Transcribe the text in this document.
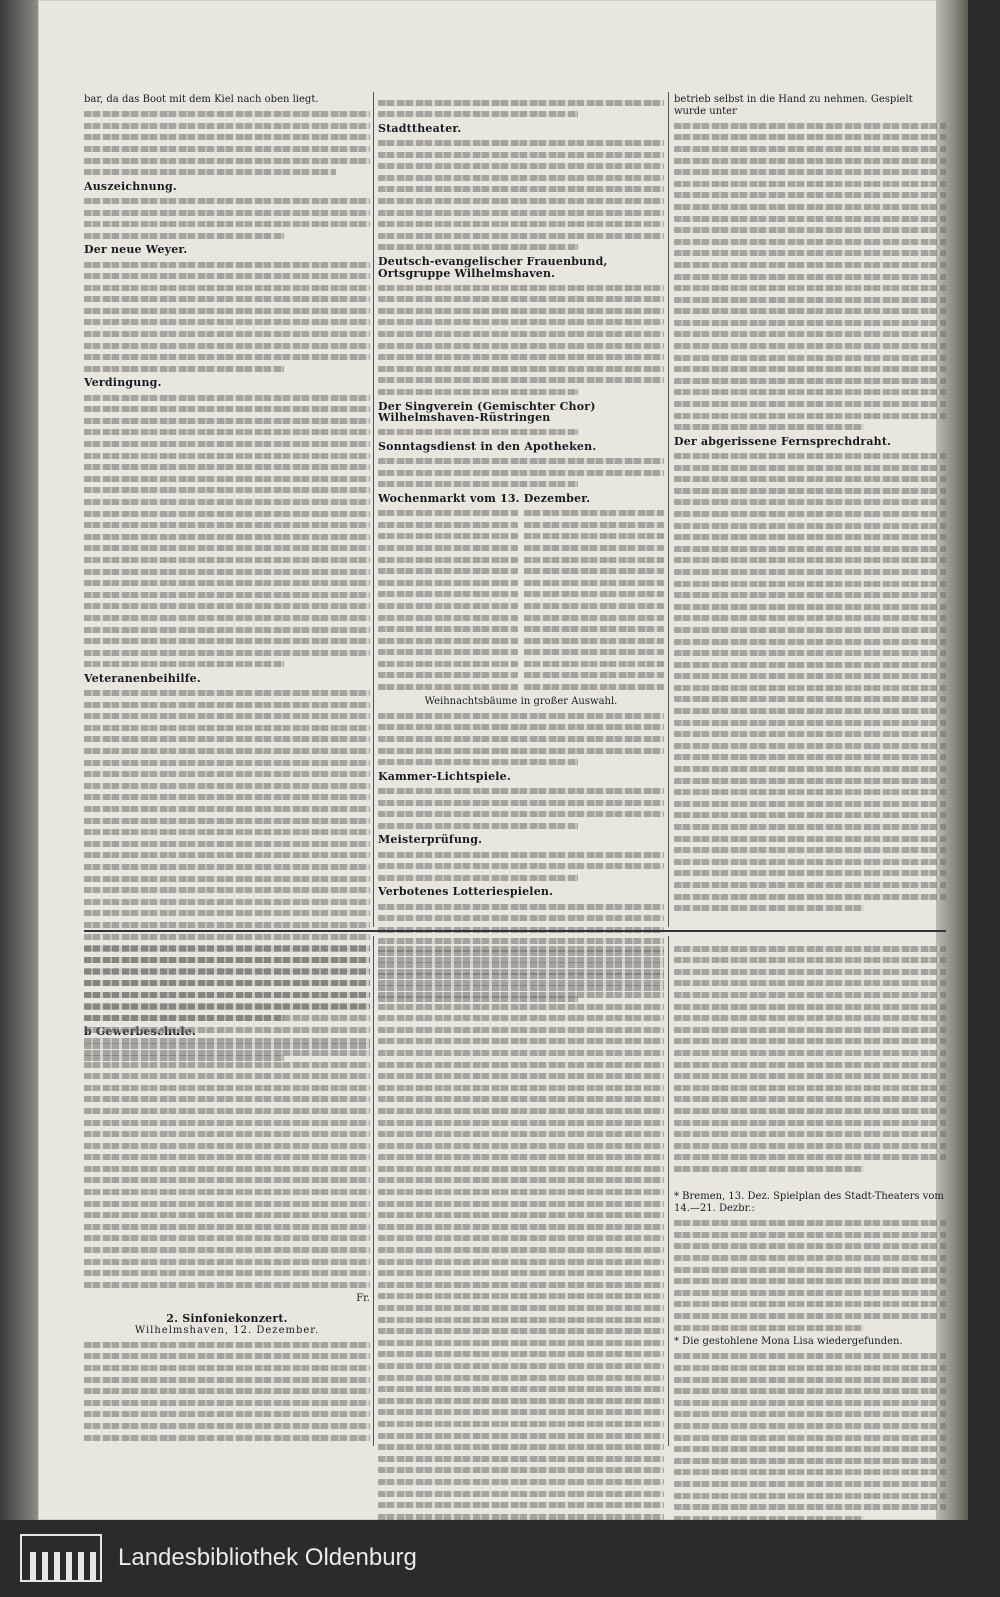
bar, da das Boot mit dem Kiel nach oben liegt.
Auszeichnung.
Der neue Weyer.
Verdingung.
Veteranenbeihilfe.
Stadttheater.
Deutsch-evangelischer Frauenbund, Ortsgruppe Wilhelmshaven.
Der Singverein (Gemischter Chor) Wilhelmshaven-Rüstringen
Sonntagsdienst in den Apotheken.
Wochenmarkt vom 13. Dezember.
Weihnachtsbäume in großer Auswahl.
Kammer-Lichtspiele.
Meisterprüfung.
Verbotenes Lotteriespielen.
betrieb selbst in die Hand zu nehmen. Gespielt wurde unter
Der abgerissene Fernsprechdraht.
Fr.
2. Sinfoniekonzert.
Wilhelmshaven, 12. Dezember.
* Bremen, 13. Dez. Spielplan des Stadt-Theaters vom 14.—21. Dezbr.:
* Die gestohlene Mona Lisa wiedergefunden.
Landesbibliothek Oldenburg
